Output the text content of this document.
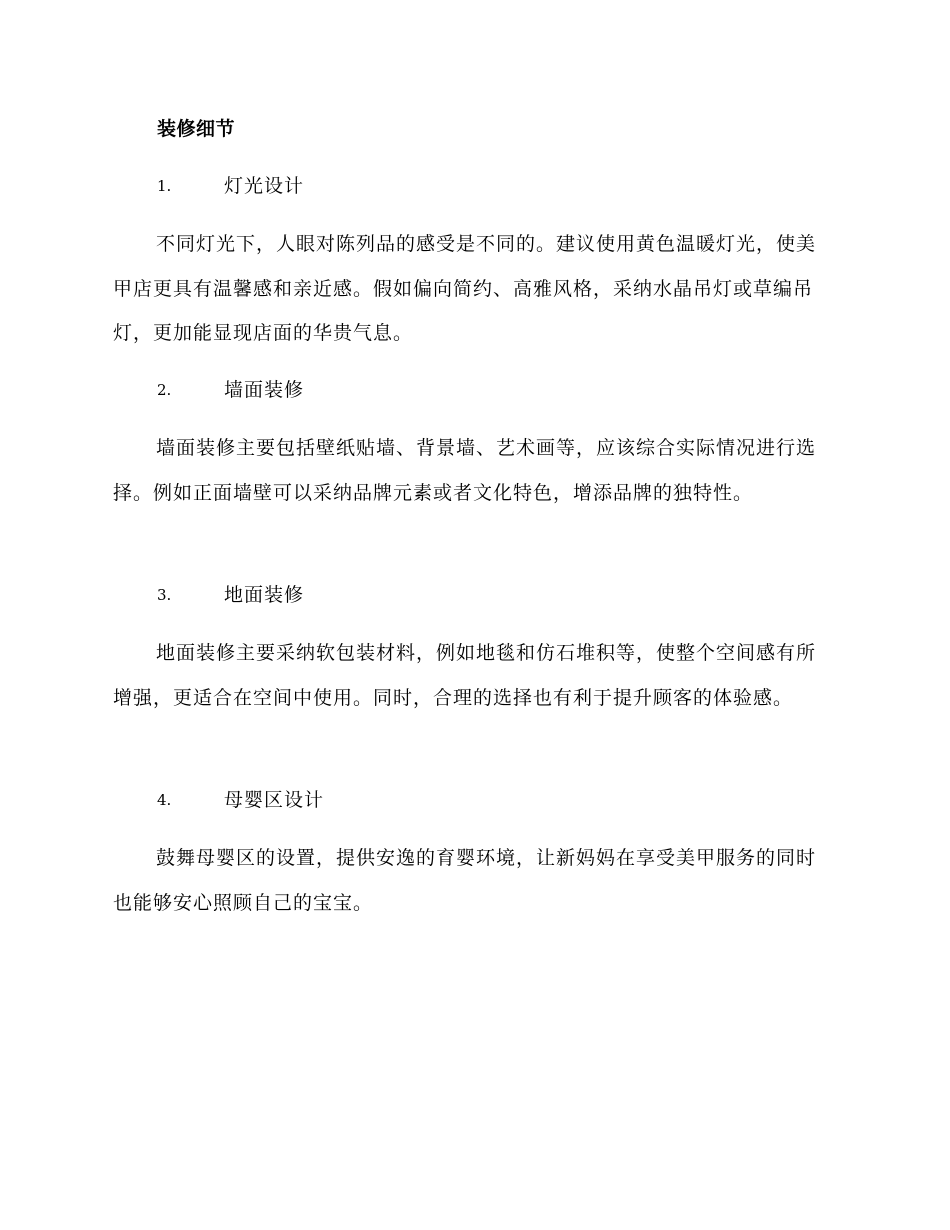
装修细节
1.	灯光设计

不同灯光下，人眼对陈列品的感受是不同的。建议使用黄色温暖灯光，使美甲店更具有温馨感和亲近感。假如偏向简约、高雅风格，采纳水晶吊灯或草编吊灯，更加能显现店面的华贵气息。

2.	墙面装修

墙面装修主要包括壁纸贴墙、背景墙、艺术画等，应该综合实际情况进行选择。例如正面墙壁可以采纳品牌元素或者文化特色，增添品牌的独特性。

3.	地面装修

地面装修主要采纳软包装材料，例如地毯和仿石堆积等，使整个空间感有所增强，更适合在空间中使用。同时，合理的选择也有利于提升顾客的体验感。

4.	母婴区设计

鼓舞母婴区的设置，提供安逸的育婴环境，让新妈妈在享受美甲服务的同时也能够安心照顾自己的宝宝。
